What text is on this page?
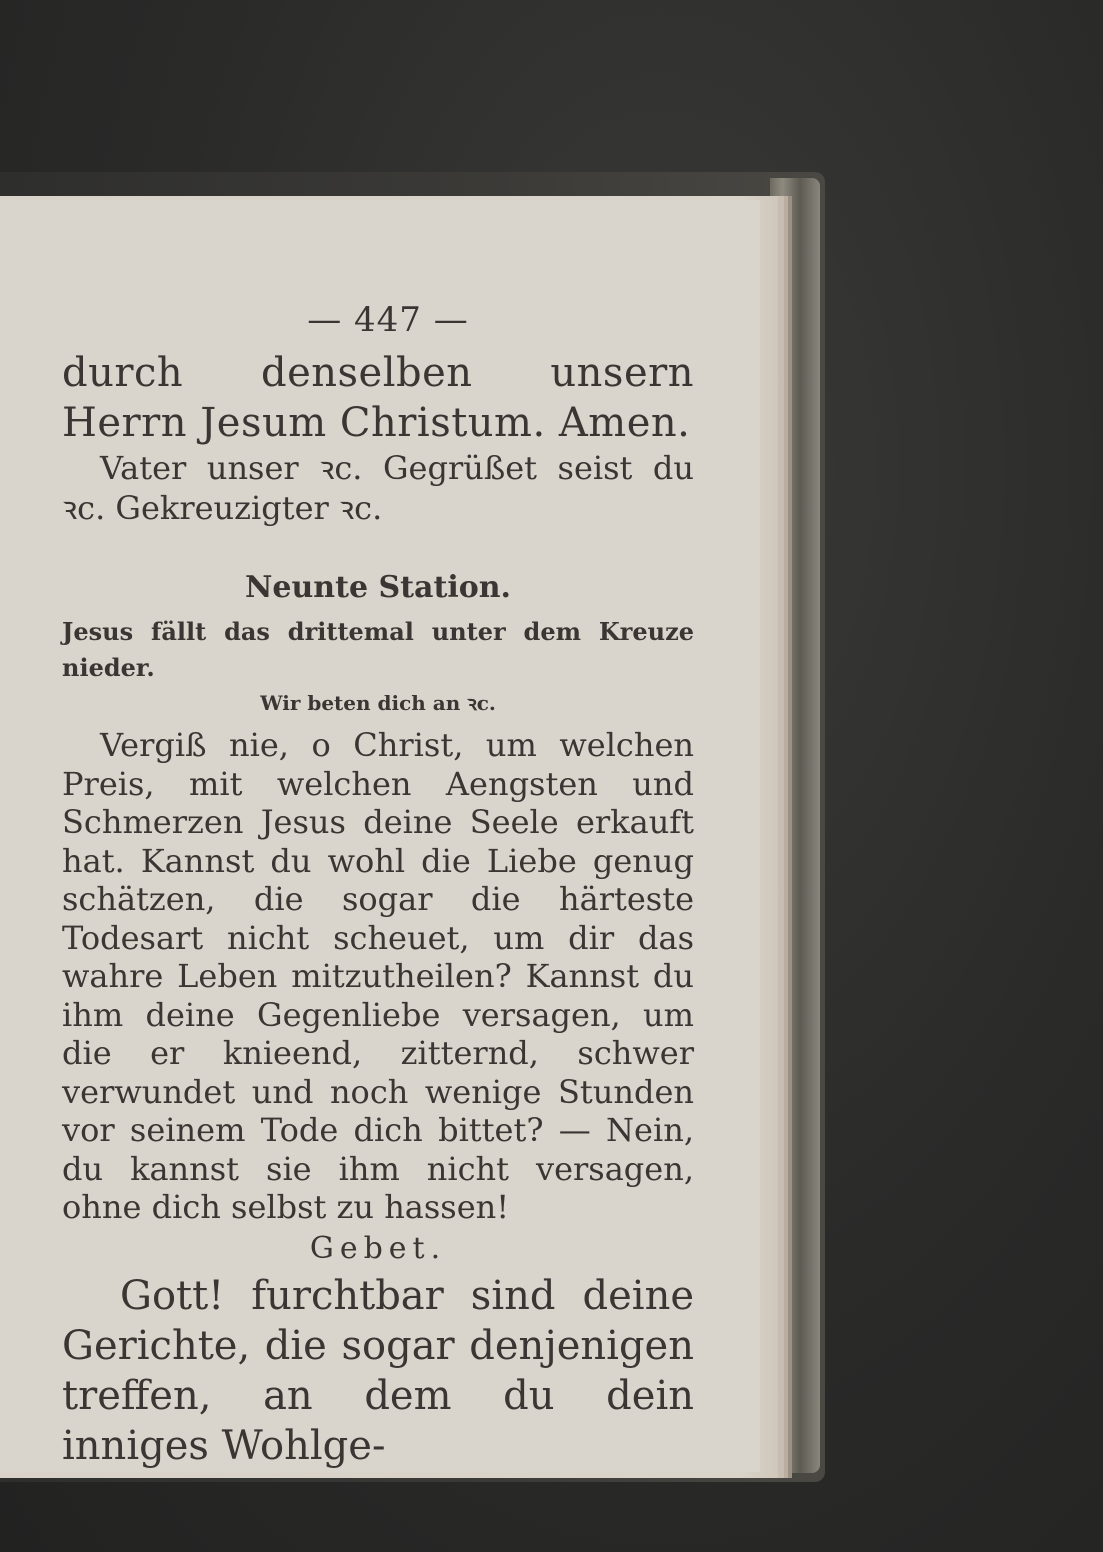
— 447 —
durch denselben unsern Herrn Jesum Christum. Amen.
Vater unser ꝛc. Gegrüßet seist du ꝛc. Gekreuzigter ꝛc.
Neunte Station.
Jesus fällt das drittemal unter dem Kreuze nieder.
Wir beten dich an ꝛc.
Vergiß nie, o Christ, um welchen Preis, mit welchen Aengsten und Schmerzen Jesus deine Seele erkauft hat. Kannst du wohl die Liebe genug schätzen, die sogar die härteste Todesart nicht scheuet, um dir das wahre Leben mitzutheilen? Kannst du ihm deine Gegenliebe versagen, um die er knieend, zitternd, schwer verwundet und noch wenige Stunden vor seinem Tode dich bittet? — Nein, du kannst sie ihm nicht versagen, ohne dich selbst zu hassen!
Gebet.
Gott! furchtbar sind deine Gerichte, die sogar denjenigen treffen, an dem du dein inniges Wohlge-
